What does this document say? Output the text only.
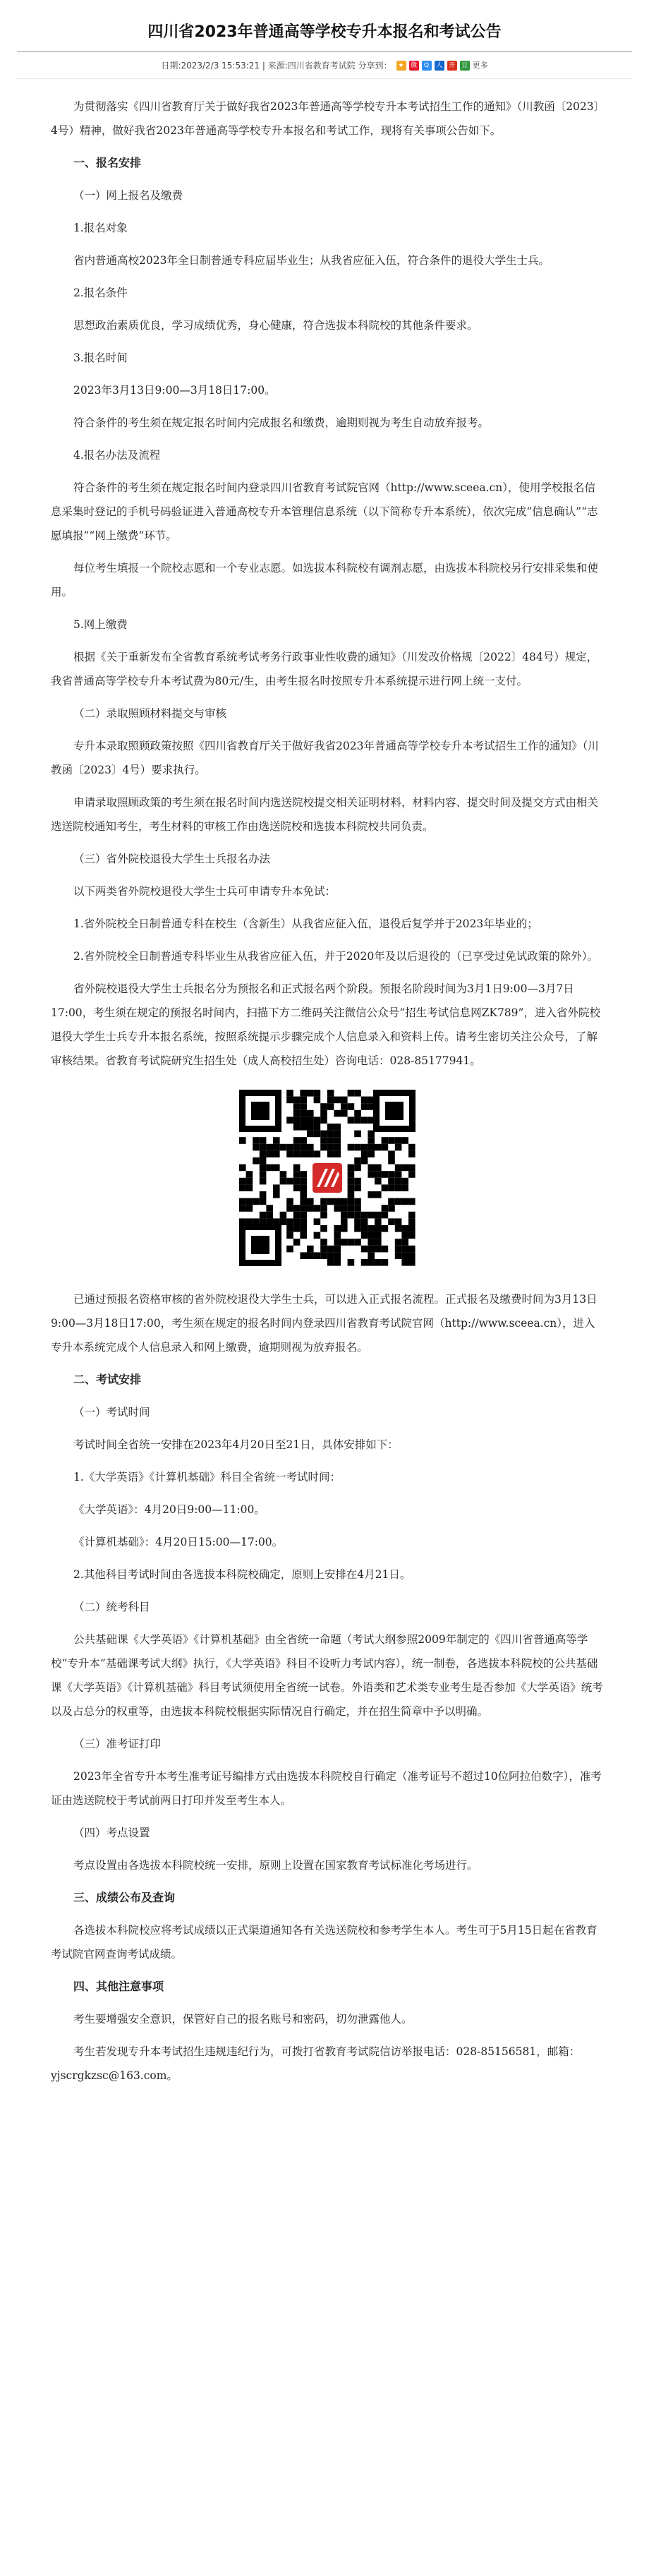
四川省2023年普通高等学校专升本报名和考试公告
日期:2023/2/3 15:53:21 | 来源:四川省教育考试院 分享到： ★	微	Q	人 开 豆 更多

为贯彻落实《四川省教育厅关于做好我省2023年普通高等学校专升本考试招生工作的通知》（川教函〔2023〕4号）精神，做好我省2023年普通高等学校专升本报名和考试工作，现将有关事项公告如下。

一、报名安排

（一）网上报名及缴费

1.报名对象

省内普通高校2023年全日制普通专科应届毕业生；从我省应征入伍，符合条件的退役大学生士兵。

2.报名条件

思想政治素质优良，学习成绩优秀，身心健康，符合选拔本科院校的其他条件要求。

3.报名时间

2023年3月13日9:00—3月18日17:00。

符合条件的考生须在规定报名时间内完成报名和缴费，逾期则视为考生自动放弃报考。

4.报名办法及流程

符合条件的考生须在规定报名时间内登录四川省教育考试院官网（http://www.sceea.cn），使用学校报名信息采集时登记的手机号码验证进入普通高校专升本管理信息系统（以下简称专升本系统），依次完成“信息确认”“志愿填报”“网上缴费”环节。

每位考生填报一个院校志愿和一个专业志愿。如选拔本科院校有调剂志愿，由选拔本科院校另行安排采集和使用。

5.网上缴费

根据《关于重新发布全省教育系统考试考务行政事业性收费的通知》（川发改价格规〔2022〕484号）规定，我省普通高等学校专升本考试费为80元/生，由考生报名时按照专升本系统提示进行网上统一支付。

（二）录取照顾材料提交与审核

专升本录取照顾政策按照《四川省教育厅关于做好我省2023年普通高等学校专升本考试招生工作的通知》（川教函〔2023〕4号）要求执行。

申请录取照顾政策的考生须在报名时间内选送院校提交相关证明材料，材料内容、提交时间及提交方式由相关选送院校通知考生，考生材料的审核工作由选送院校和选拔本科院校共同负责。

（三）省外院校退役大学生士兵报名办法

以下两类省外院校退役大学生士兵可申请专升本免试：

1.省外院校全日制普通专科在校生（含新生）从我省应征入伍，退役后复学并于2023年毕业的；

2.省外院校全日制普通专科毕业生从我省应征入伍，并于2020年及以后退役的（已享受过免试政策的除外）。

省外院校退役大学生士兵报名分为预报名和正式报名两个阶段。预报名阶段时间为3月1日9:00—3月7日17:00，考生须在规定的预报名时间内，扫描下方二维码关注微信公众号“招生考试信息网ZK789”，进入省外院校退役大学生士兵专升本报名系统，按照系统提示步骤完成个人信息录入和资料上传。请考生密切关注公众号，了解审核结果。省教育考试院研究生招生处（成人高校招生处）咨询电话：028-85177941。

已通过预报名资格审核的省外院校退役大学生士兵，可以进入正式报名流程。正式报名及缴费时间为3月13日9:00—3月18日17:00，考生须在规定的报名时间内登录四川省教育考试院官网（http://www.sceea.cn），进入专升本系统完成个人信息录入和网上缴费，逾期则视为放弃报名。

二、考试安排

（一）考试时间

考试时间全省统一安排在2023年4月20日至21日，具体安排如下：

1.《大学英语》《计算机基础》科目全省统一考试时间：

《大学英语》：4月20日9:00—11:00。

《计算机基础》：4月20日15:00—17:00。

2.其他科目考试时间由各选拔本科院校确定，原则上安排在4月21日。

（二）统考科目

公共基础课《大学英语》《计算机基础》由全省统一命题（考试大纲参照2009年制定的《四川省普通高等学校“专升本”基础课考试大纲》执行，《大学英语》科目不设听力考试内容），统一制卷，各选拔本科院校的公共基础课《大学英语》《计算机基础》科目考试须使用全省统一试卷。外语类和艺术类专业考生是否参加《大学英语》统考以及占总分的权重等，由选拔本科院校根据实际情况自行确定，并在招生简章中予以明确。

（三）准考证打印

2023年全省专升本考生准考证号编排方式由选拔本科院校自行确定（准考证号不超过10位阿拉伯数字），准考证由选送院校于考试前两日打印并发至考生本人。

（四）考点设置

考点设置由各选拔本科院校统一安排，原则上设置在国家教育考试标准化考场进行。

三、成绩公布及查询

各选拔本科院校应将考试成绩以正式渠道通知各有关选送院校和参考学生本人。考生可于5月15日起在省教育考试院官网查询考试成绩。

四、其他注意事项

考生要增强安全意识，保管好自己的报名账号和密码，切勿泄露他人。

考生若发现专升本考试招生违规违纪行为，可拨打省教育考试院信访举报电话：028-85156581，邮箱：yjscrgkzsc@163.com。
